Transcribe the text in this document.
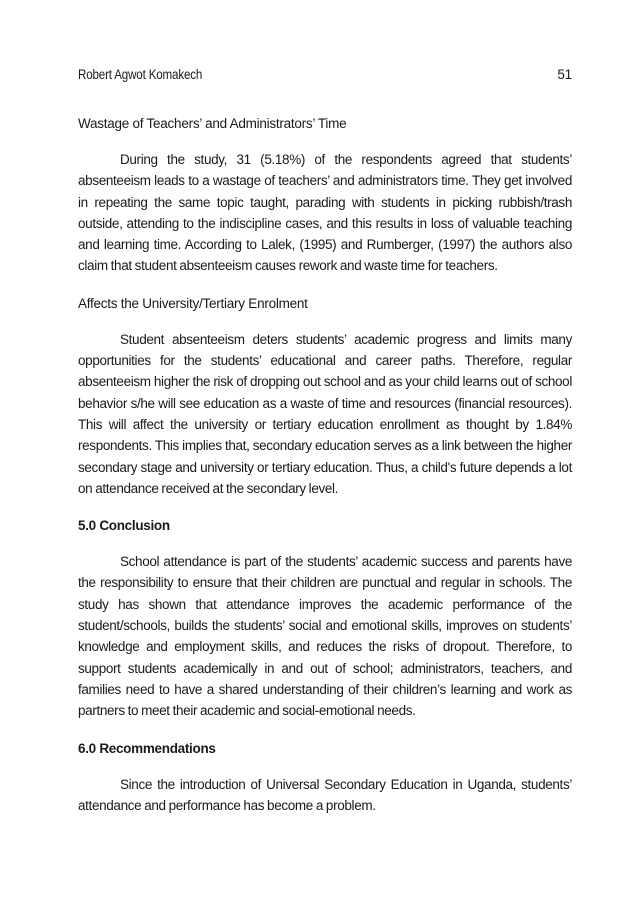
Robert Agwot Komakech	51

Wastage of Teachers’ and Administrators’ Time

During the study, 31 (5.18%) of the respondents agreed that students’ absenteeism leads to a wastage of teachers’ and administrators time. They get involved in repeating the same topic taught, parading with students in picking rubbish/trash outside, attending to the indiscipline cases, and this results in loss of valuable teaching and learning time. According to Lalek, (1995) and Rumberger, (1997) the authors also claim that student absenteeism causes rework and waste time for teachers.

Affects the University/Tertiary Enrolment

Student absenteeism deters students’ academic progress and limits many opportunities for the students’ educational and career paths. Therefore, regular absenteeism higher the risk of dropping out school and as your child learns out of school behavior s/he will see education as a waste of time and resources (financial resources). This will affect the university or tertiary education enrollment as thought by 1.84% respondents. This implies that, secondary education serves as a link between the higher secondary stage and university or tertiary education. Thus, a child's future depends a lot on attendance received at the secondary level.

5.0 Conclusion

School attendance is part of the students’ academic success and parents have the responsibility to ensure that their children are punctual and regular in schools. The study has shown that attendance improves the academic performance of the student/schools, builds the students’ social and emotional skills, improves on students’ knowledge and employment skills, and reduces the risks of dropout. Therefore, to support students academically in and out of school; administrators, teachers, and families need to have a shared understanding of their children’s learning and work as partners to meet their academic and social-emotional needs.

6.0 Recommendations

Since the introduction of Universal Secondary Education in Uganda, students’ attendance and performance has become a problem.
